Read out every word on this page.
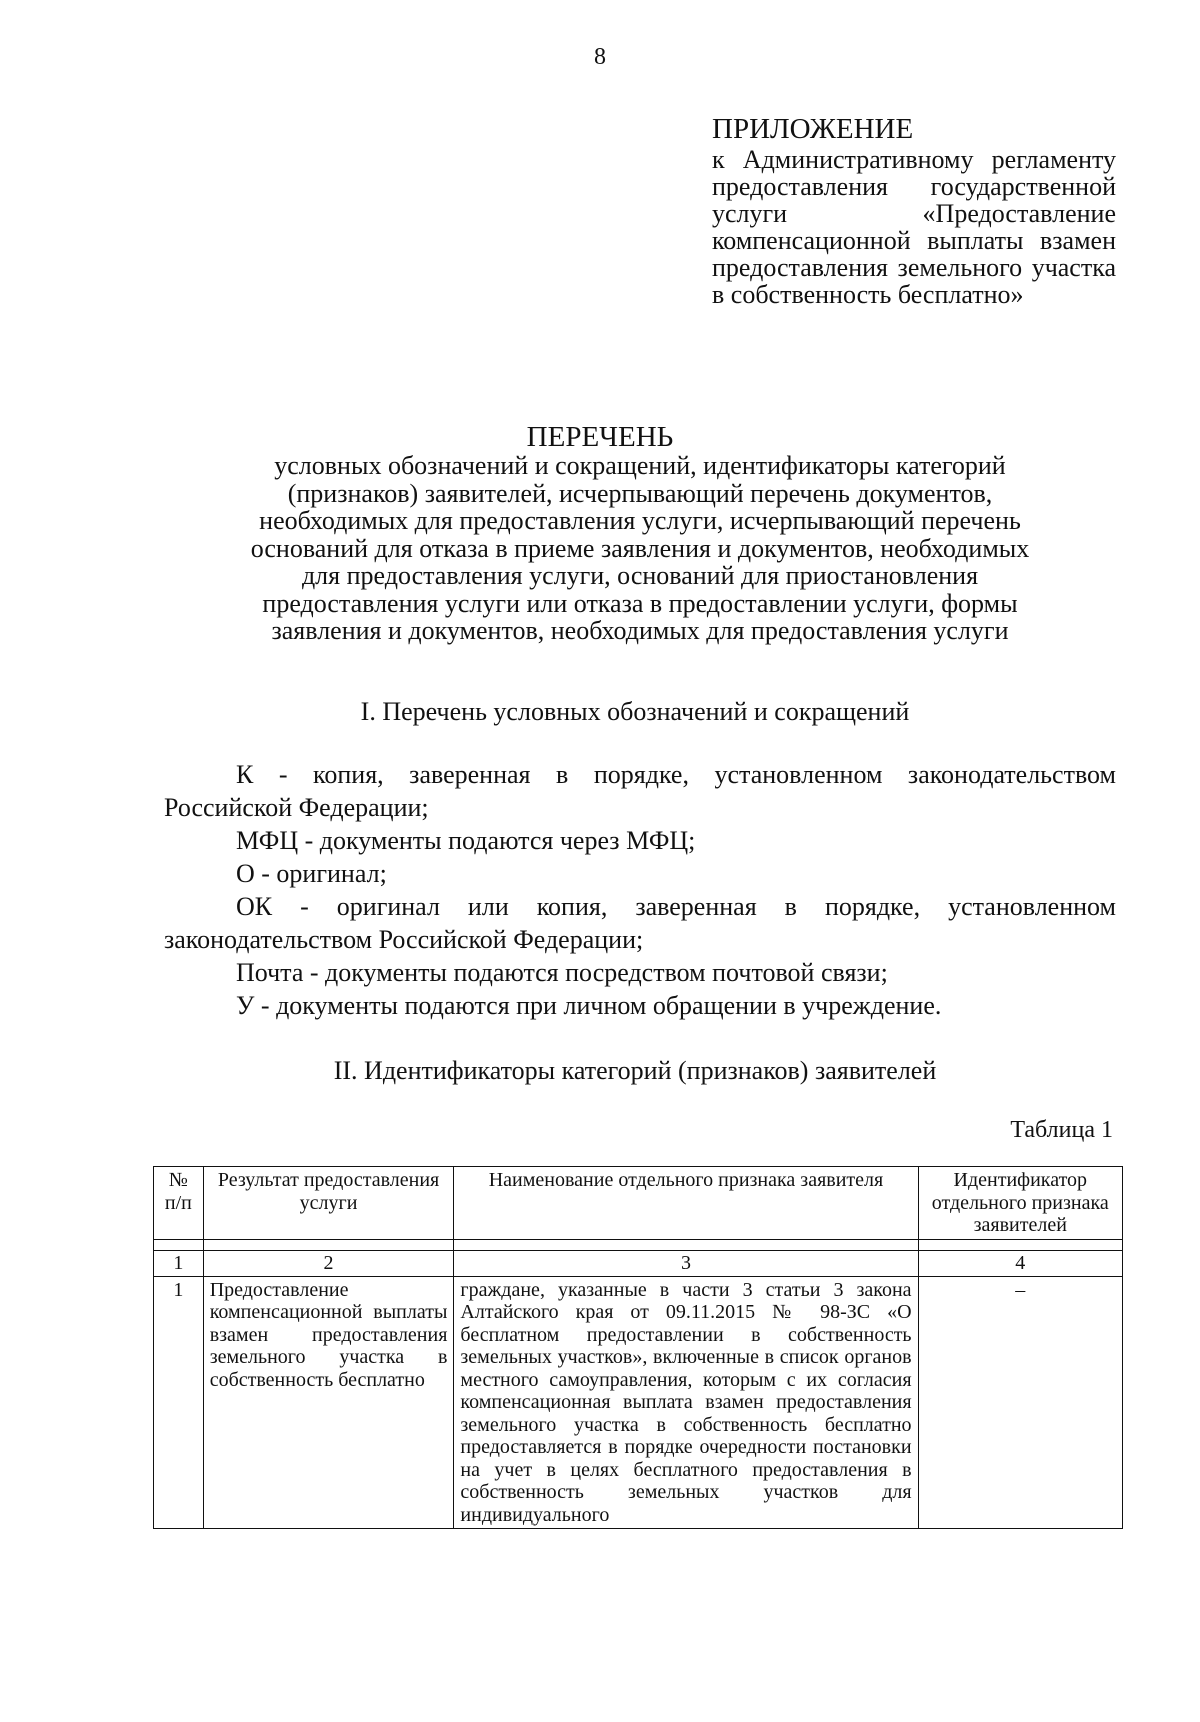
8
ПРИЛОЖЕНИЕ
к Административному регламенту предоставления государственной услуги «Предоставление компенсационной выплаты взамен предоставления земельного участка в собственность бесплатно»
ПЕРЕЧЕНЬ
условных обозначений и сокращений, идентификаторы категорий (признаков) заявителей, исчерпывающий перечень документов, необходимых для предоставления услуги, исчерпывающий перечень оснований для отказа в приеме заявления и документов, необходимых для предоставления услуги, оснований для приостановления предоставления услуги или отказа в предоставлении услуги, формы заявления и документов, необходимых для предоставления услуги
I. Перечень условных обозначений и сокращений
К - копия, заверенная в порядке, установленном законодательством Российской Федерации;
МФЦ - документы подаются через МФЦ;
О - оригинал;
ОК - оригинал или копия, заверенная в порядке, установленном законодательством Российской Федерации;
Почта - документы подаются посредством почтовой связи;
У - документы подаются при личном обращении в учреждение.
II. Идентификаторы категорий (признаков) заявителей
Таблица 1
№ п/п	Результат предоставления услуги	Наименование отдельного признака заявителя	Идентификатор отдельного признака заявителей

1	2	3	4
1	Предоставление компенсационной выплаты взамен предоставления земельного участка в собственность бесплатно	граждане, указанные в части 3 статьи 3 закона Алтайского края от 09.11.2015 № 98-ЗС «О бесплатном предоставлении в собственность земельных участков», включенные в список органов местного самоуправления, которым с их согласия компенсационная выплата взамен предоставления земельного участка в собственность бесплатно предоставляется в порядке очередности постановки на учет в целях бесплатного предоставления в собственность земельных участков для индивидуального	–
